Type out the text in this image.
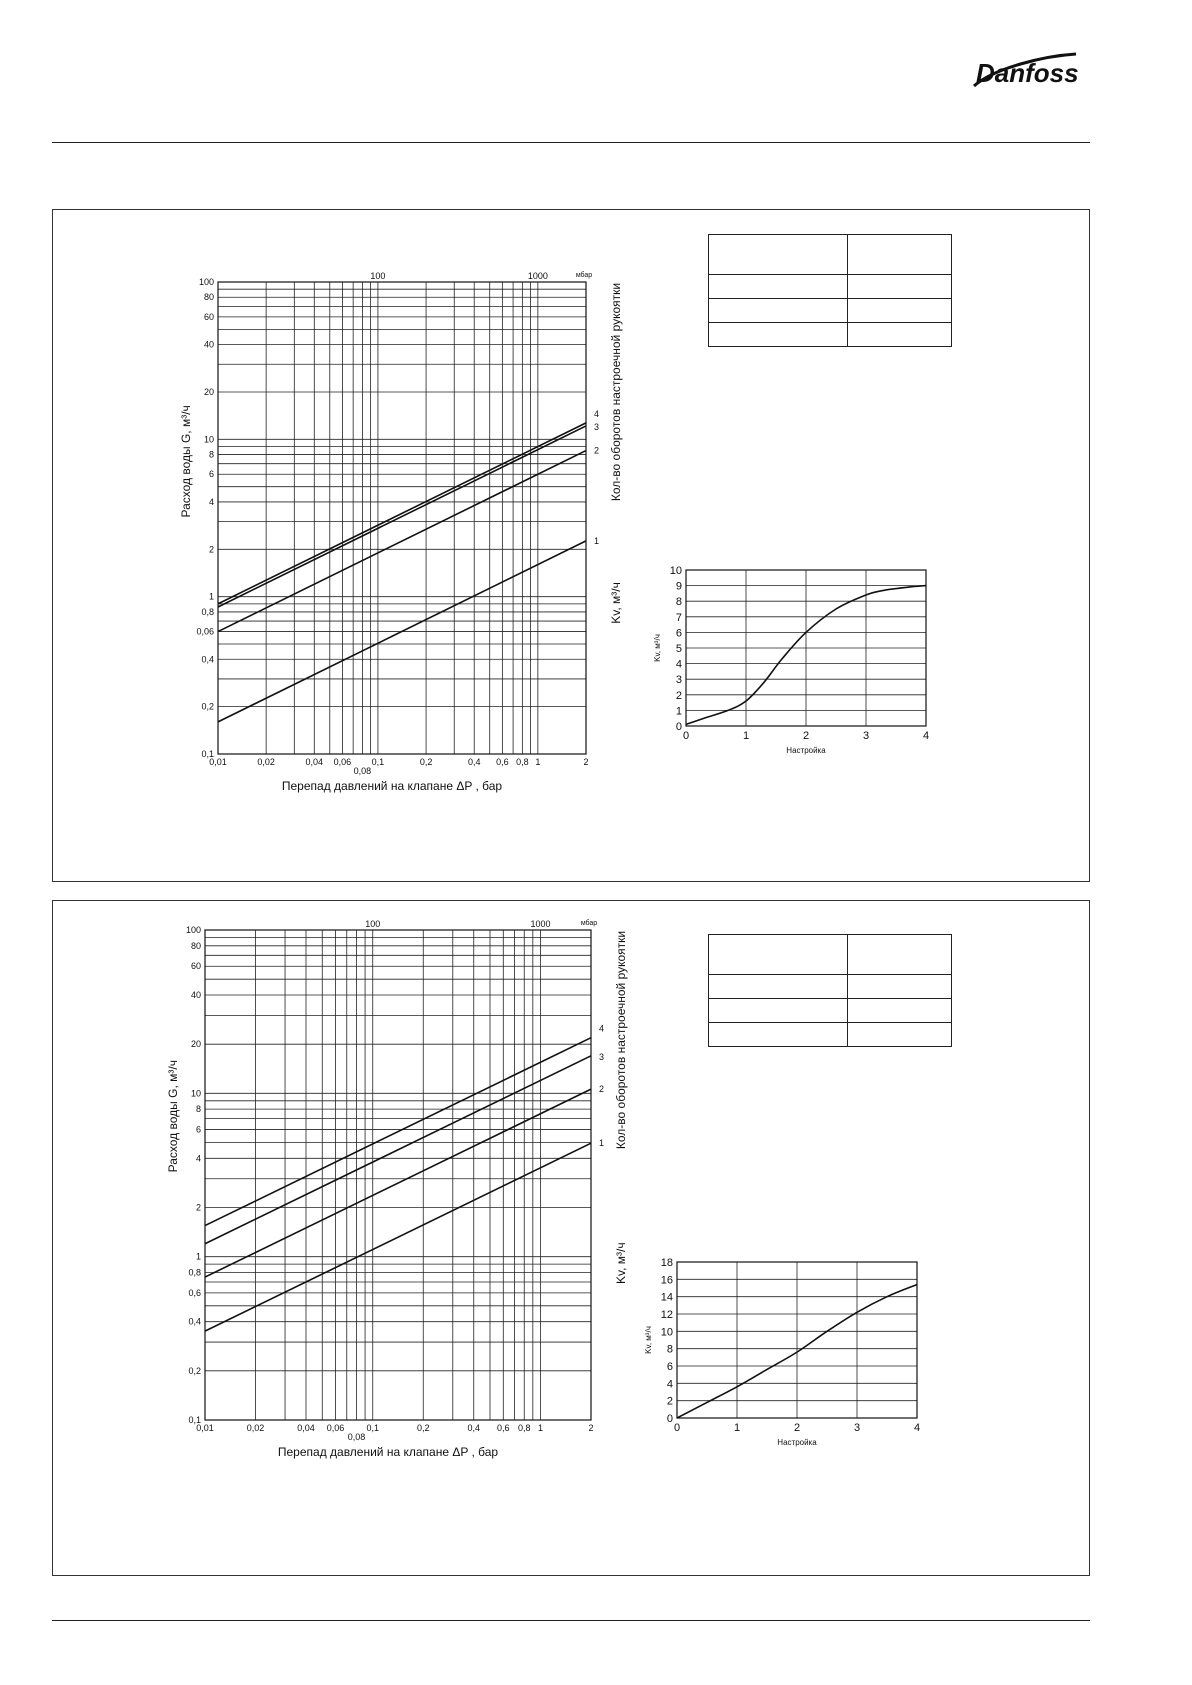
Danfoss
0,01	0,02	0,04 0,06
0,08
0,1	0,2	0,4 0,6 0,8 1	2
0,1
0,2
0,4
0,06
0,8
1
2
4
6
8
10
20
40
60
80
100
100	1000	мбар
Перепад давлений на клапане ΔP , бар
Расход воды G, м³/ч	Кол-во оборотов настроечной рукоятки
Kv, м³/ч
1
2
3
4
0
1
2
3
4
5
6
7
8
9
10
0	1	2	3	4
Настройка
Kv, м³/ч

0,01	0,02	0,04 0,06
0,08
0,1	0,2	0,4 0,6 0,8 1	2
0,1
0,2
0,4
0,6
0,8
1
2
4
6
8
10
20
40
60
80
100
100	1000	мбар
Перепад давлений на клапане ΔP , бар
Расход воды G, м³/ч	Кол-во оборотов настроечной рукоятки
Kv, м³/ч
1
2
3
4
0
2
4
6
8
10
12
14
16
18
0	1	2	3	4
Настройка
Kv, м³/ч
